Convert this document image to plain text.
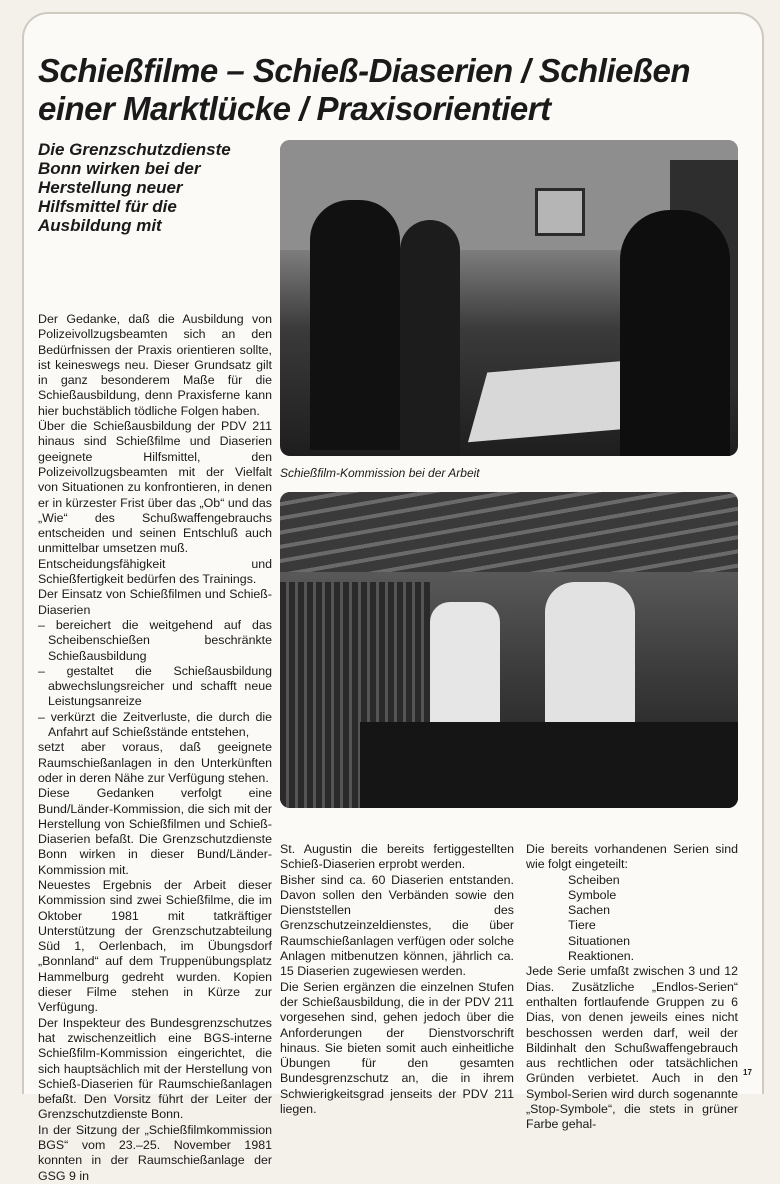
Schießfilme – Schieß-Diaserien / Schließen einer Marktlücke / Praxisorientiert
Die Grenzschutzdienste Bonn wirken bei der Herstellung neuer Hilfsmittel für die Ausbildung mit

Der Gedanke, daß die Ausbildung von Polizeivollzugsbeamten sich an den Bedürfnissen der Praxis orientieren sollte, ist keineswegs neu. Dieser Grundsatz gilt in ganz besonderem Maße für die Schießausbildung, denn Praxisferne kann hier buchstäblich tödliche Folgen haben.

Über die Schießausbildung der PDV 211 hinaus sind Schießfilme und Diaserien geeignete Hilfsmittel, den Polizeivollzugsbeamten mit der Vielfalt von Situationen zu konfrontieren, in denen er in kürzester Frist über das „Ob“ und das „Wie“ des Schußwaffengebrauchs entscheiden und seinen Entschluß auch unmittelbar umsetzen muß.

Entscheidungsfähigkeit und Schießfertigkeit bedürfen des Trainings.

Der Einsatz von Schießfilmen und Schieß-Diaserien

– bereichert die weitgehend auf das Scheibenschießen beschränkte Schießausbildung
– gestaltet die Schießausbildung abwechslungsreicher und schafft neue Leistungsanreize
– verkürzt die Zeitverluste, die durch die Anfahrt auf Schießstände entstehen,

setzt aber voraus, daß geeignete Raumschießanlagen in den Unterkünften oder in deren Nähe zur Verfügung stehen.

Diese Gedanken verfolgt eine Bund/Länder-Kommission, die sich mit der Herstellung von Schießfilmen und Schieß-Diaserien befaßt. Die Grenzschutzdienste Bonn wirken in dieser Bund/Länder-Kommission mit.

Neuestes Ergebnis der Arbeit dieser Kommission sind zwei Schießfilme, die im Oktober 1981 mit tatkräftiger Unterstützung der Grenzschutzabteilung Süd 1, Oerlenbach, im Übungsdorf „Bonnland“ auf dem Truppenübungsplatz Hammelburg gedreht wurden. Kopien dieser Filme stehen in Kürze zur Verfügung.

Der Inspekteur des Bundesgrenzschutzes hat zwischenzeitlich eine BGS-interne Schießfilm-Kommission eingerichtet, die sich hauptsächlich mit der Herstellung von Schieß-Diaserien für Raumschießanlagen befaßt. Den Vorsitz führt der Leiter der Grenzschutzdienste Bonn.

In der Sitzung der „Schießfilmkommission BGS“ vom 23.–25. November 1981 konnten in der Raumschießanlage der GSG 9 in

Schießfilm-Kommission bei der Arbeit

St. Augustin die bereits fertiggestellten Schieß-Diaserien erprobt werden.

Bisher sind ca. 60 Diaserien entstanden. Davon sollen den Verbänden sowie den Dienststellen des Grenzschutzeinzeldienstes, die über Raumschießanlagen verfügen oder solche Anlagen mitbenutzen können, jährlich ca. 15 Diaserien zugewiesen werden.

Die Serien ergänzen die einzelnen Stufen der Schießausbildung, die in der PDV 211 vorgesehen sind, gehen jedoch über die Anforderungen der Dienstvorschrift hinaus. Sie bieten somit auch einheitliche Übungen für den gesamten Bundesgrenzschutz an, die in ihrem Schwierigkeitsgrad jenseits der PDV 211 liegen.

Die bereits vorhandenen Serien sind wie folgt eingeteilt:

Scheiben
Symbole
Sachen
Tiere
Situationen
Reaktionen.

Jede Serie umfaßt zwischen 3 und 12 Dias. Zusätzliche „Endlos-Serien“ enthalten fortlaufende Gruppen zu 6 Dias, von denen jeweils eines nicht beschossen werden darf, weil der Bildinhalt den Schußwaffengebrauch aus rechtlichen oder tatsächlichen Gründen verbietet. Auch in den Symbol-Serien wird durch sogenannte „Stop-Symbole“, die stets in grüner Farbe gehal-

17
